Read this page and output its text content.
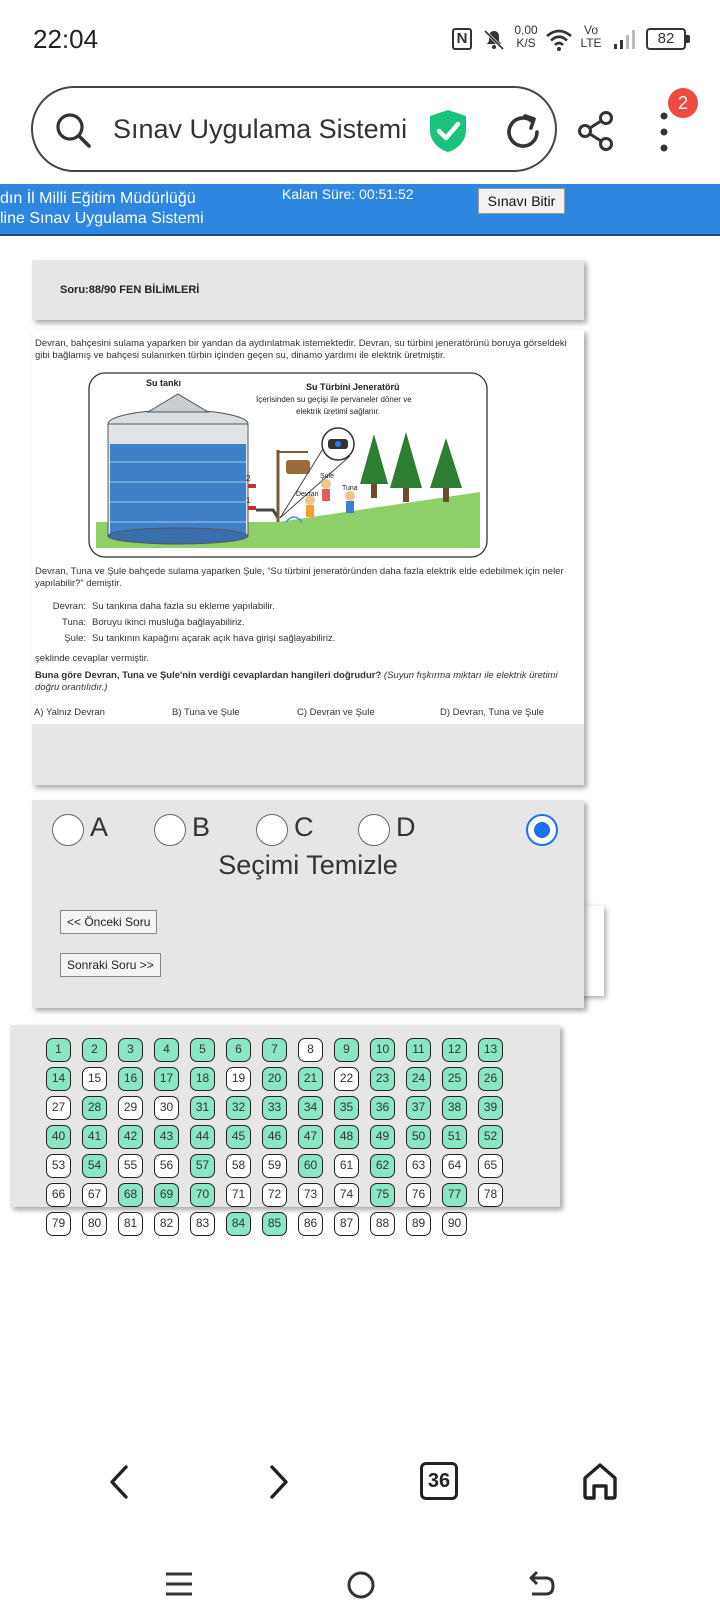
22:04	N	0,00
K/S
Vo
LTE	82
Sınav Uygulama Sistemi
2
dın İl Milli Eğitim Müdürlüğü
line Sınav Uygulama Sistemi
Kalan Süre: 00:51:52	Sınavı Bitir
Soru:88/90 FEN BİLİMLERİ
Devran, bahçesini sulama yaparken bir yandan da aydınlatmak istemektedir. Devran, su türbini jeneratörünü boruya görseldeki gibi bağlamış ve bahçesi sulanırken türbin içinden geçen su, dinamo yardımı ile elektrik üretmiştir.
Su tankı
2
1
Su Türbini Jeneratörü
İçerisinden su geçişi ile pervaneler döner ve
elektrik üretimi sağlanır.
Şule
Tuna
Devran
Devran, Tuna ve Şule bahçede sulama yaparken Şule, “Su türbini jeneratöründen daha fazla elektrik elde edebilmek için neler yapılabilir?” demiştir.
Devran: Su tankına daha fazla su ekleme yapılabilir.
Tuna: Boruyu ikinci musluğa bağlayabiliriz.
Şule: Su tankının kapağını açarak açık hava girişi sağlayabiliriz.
şeklinde cevaplar vermiştir.
Buna göre Devran, Tuna ve Şule'nin verdiği cevaplardan hangileri doğrudur? (Suyun fışkırma miktarı ile elektrik üretimi doğru orantılıdır.)
A) Yalnız Devran	B) Tuna ve Şule	C) Devran ve Şule	D) Devran, Tuna ve Şule
A	B	C	D
Seçimi Temizle
<< Önceki Soru
Sonraki Soru >>
1	2	3	4	5	6	7	8	9	10	11	12	13
14	15	16	17	18	19	20	21	22	23	24	25	26
27	28	29	30	31	32	33	34	35	36	37	38	39
40	41	42	43	44	45	46	47	48	49	50	51	52
53	54	55	56	57	58	59	60	61	62	63	64	65
66	67	68	69	70	71	72	73	74	75	76	77	78
79	80	81	82	83	84	85	86	87	88	89	90
36
